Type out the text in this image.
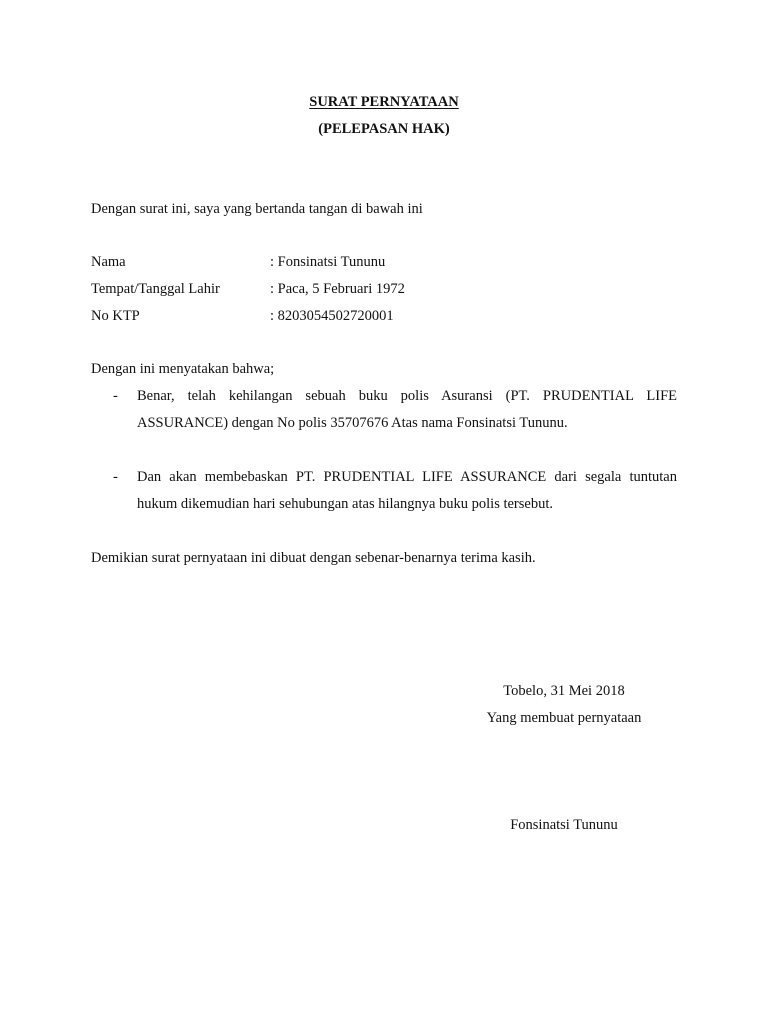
SURAT PERNYATAAN
(PELEPASAN HAK)
Dengan surat ini, saya yang bertanda tangan di bawah ini
Nama	: Fonsinatsi Tununu
Tempat/Tanggal Lahir	: Paca, 5 Februari 1972
No KTP	: 8203054502720001
Dengan ini menyatakan bahwa;
- Benar, telah kehilangan sebuah buku polis Asuransi (PT. PRUDENTIAL LIFE
ASSURANCE) dengan No polis 35707676 Atas nama Fonsinatsi Tununu.
- Dan akan membebaskan PT. PRUDENTIAL LIFE ASSURANCE dari segala tuntutan
hukum dikemudian hari sehubungan atas hilangnya buku polis tersebut.
Demikian surat pernyataan ini dibuat dengan sebenar-benarnya terima kasih.
Tobelo, 31 Mei 2018
Yang membuat pernyataan
Fonsinatsi Tununu
